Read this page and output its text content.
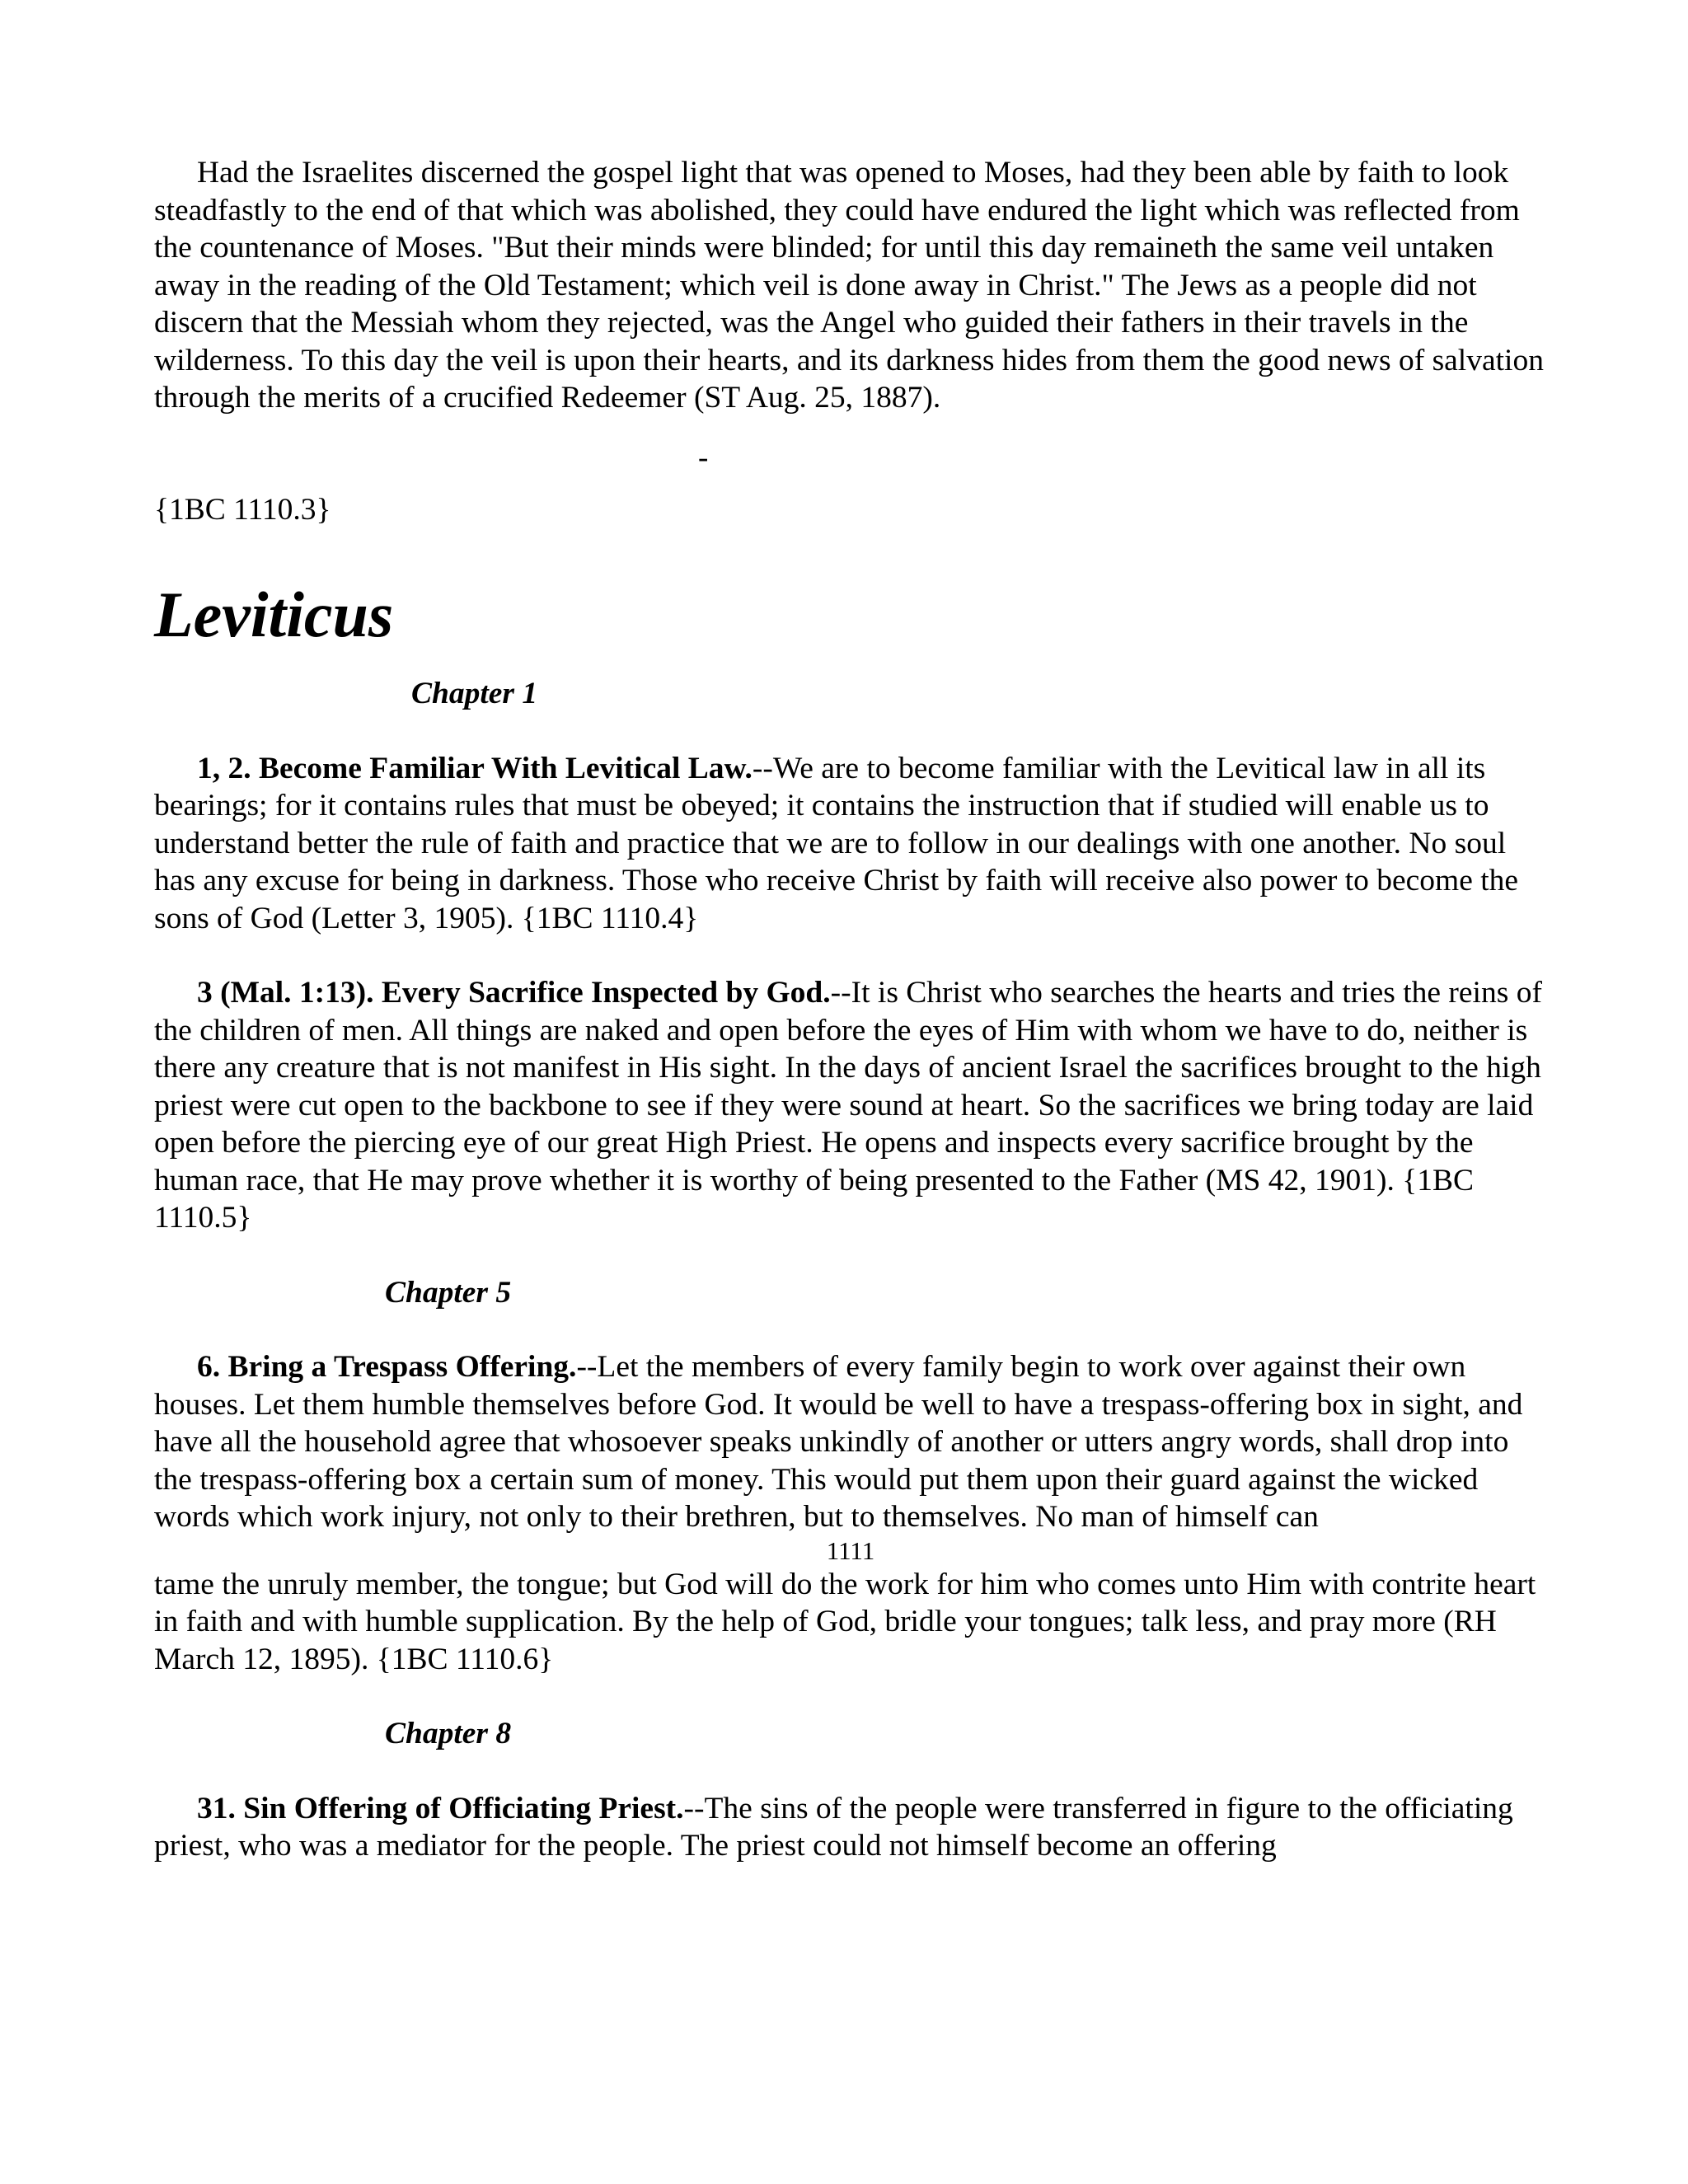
Had the Israelites discerned the gospel light that was opened to Moses, had they been able by faith to look steadfastly to the end of that which was abolished, they could have endured the light which was reflected from the countenance of Moses. "But their minds were blinded; for until this day remaineth the same veil untaken away in the reading of the Old Testament; which veil is done away in Christ." The Jews as a people did not discern that the Messiah whom they rejected, was the Angel who guided their fathers in their travels in the wilderness. To this day the veil is upon their hearts, and its darkness hides from them the good news of salvation through the merits of a crucified Redeemer (ST Aug. 25, 1887).

-

{1BC 1110.3}

Leviticus

Chapter 1

1, 2. Become Familiar With Levitical Law.--We are to become familiar with the Levitical law in all its bearings; for it contains rules that must be obeyed; it contains the instruction that if studied will enable us to understand better the rule of faith and practice that we are to follow in our dealings with one another. No soul has any excuse for being in darkness. Those who receive Christ by faith will receive also power to become the sons of God (Letter 3, 1905). {1BC 1110.4}

3 (Mal. 1:13). Every Sacrifice Inspected by God.--It is Christ who searches the hearts and tries the reins of the children of men. All things are naked and open before the eyes of Him with whom we have to do, neither is there any creature that is not manifest in His sight. In the days of ancient Israel the sacrifices brought to the high priest were cut open to the backbone to see if they were sound at heart. So the sacrifices we bring today are laid open before the piercing eye of our great High Priest. He opens and inspects every sacrifice brought by the human race, that He may prove whether it is worthy of being presented to the Father (MS 42, 1901). {1BC 1110.5}

Chapter 5

6. Bring a Trespass Offering.--Let the members of every family begin to work over against their own houses. Let them humble themselves before God. It would be well to have a trespass-offering box in sight, and have all the household agree that whosoever speaks unkindly of another or utters angry words, shall drop into the trespass-offering box a certain sum of money. This would put them upon their guard against the wicked words which work injury, not only to their brethren, but to themselves. No man of himself can

1111

tame the unruly member, the tongue; but God will do the work for him who comes unto Him with contrite heart in faith and with humble supplication. By the help of God, bridle your tongues; talk less, and pray more (RH March 12, 1895). {1BC 1110.6}

Chapter 8

31. Sin Offering of Officiating Priest.--The sins of the people were transferred in figure to the officiating priest, who was a mediator for the people. The priest could not himself become an offering
